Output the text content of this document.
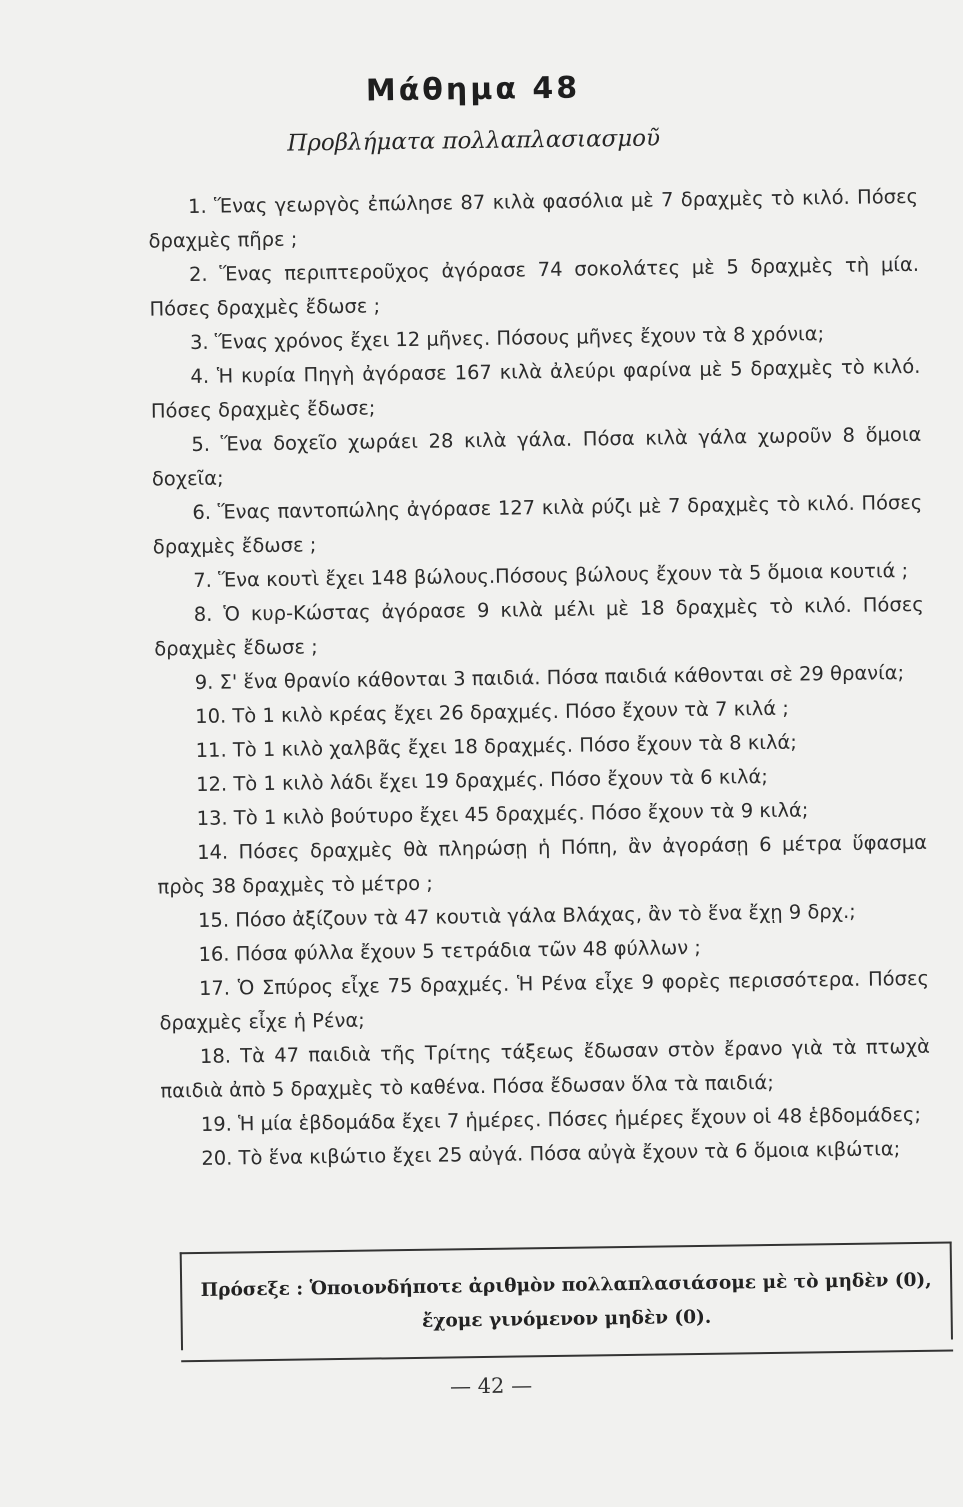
Μάθημα 48
Προβλήματα πολλαπλασιασμοῦ

1. Ἕνας γεωργὸς ἐπώλησε 87 κιλὰ φασόλια μὲ 7 δραχμὲς τὸ κιλό. Πόσες δραχμὲς πῆρε ;

2. Ἕνας περιπτεροῦχος ἀγόρασε 74 σοκολάτες μὲ 5 δραχμὲς τὴ μία. Πόσες δραχμὲς ἔδωσε ;

3. Ἕνας χρόνος ἔχει 12 μῆνες. Πόσους μῆνες ἔχουν τὰ 8 χρόνια;

4. Ἡ κυρία Πηγὴ ἀγόρασε 167 κιλὰ ἀλεύρι φαρίνα μὲ 5 δραχμὲς τὸ κιλό. Πόσες δραχμὲς ἔδωσε;

5. Ἕνα δοχεῖο χωράει 28 κιλὰ γάλα. Πόσα κιλὰ γάλα χωροῦν 8 ὅμοια δοχεῖα;

6. Ἕνας παντοπώλης ἀγόρασε 127 κιλὰ ρύζι μὲ 7 δραχμὲς τὸ κιλό. Πόσες δραχμὲς ἔδωσε ;

7. Ἕνα κουτὶ ἔχει 148 βώλους.Πόσους βώλους ἔχουν τὰ 5 ὅμοια κουτιά ;

8. Ὁ κυρ-Κώστας ἀγόρασε 9 κιλὰ μέλι μὲ 18 δραχμὲς τὸ κιλό. Πόσες δραχμὲς ἔδωσε ;

9. Σ' ἕνα θρανίο κάθονται 3 παιδιά. Πόσα παιδιά κάθονται σὲ 29 θρανία;

10. Τὸ 1 κιλὸ κρέας ἔχει 26 δραχμές. Πόσο ἔχουν τὰ 7 κιλά ;

11. Τὸ 1 κιλὸ χαλβᾶς ἔχει 18 δραχμές. Πόσο ἔχουν τὰ 8 κιλά;

12. Τὸ 1 κιλὸ λάδι ἔχει 19 δραχμές. Πόσο ἔχουν τὰ 6 κιλά;

13. Τὸ 1 κιλὸ βούτυρο ἔχει 45 δραχμές. Πόσο ἔχουν τὰ 9 κιλά;

14. Πόσες δραχμὲς θὰ πληρώσῃ ἡ Πόπη, ἂν ἀγοράσῃ 6 μέτρα ὕφασμα πρὸς 38 δραχμὲς τὸ μέτρο ;

15. Πόσο ἀξίζουν τὰ 47 κουτιὰ γάλα Βλάχας, ἂν τὸ ἕνα ἔχῃ 9 δρχ.;

16. Πόσα φύλλα ἔχουν 5 τετράδια τῶν 48 φύλλων ;

17. Ὁ Σπύρος εἶχε 75 δραχμές. Ἡ Ρένα εἶχε 9 φορὲς περισσότερα. Πόσες δραχμὲς εἶχε ἡ Ρένα;

18. Τὰ 47 παιδιὰ τῆς Τρίτης τάξεως ἔδωσαν στὸν ἔρανο γιὰ τὰ πτωχὰ παιδιὰ ἀπὸ 5 δραχμὲς τὸ καθένα. Πόσα ἔδωσαν ὅλα τὰ παιδιά;

19. Ἡ μία ἑβδομάδα ἔχει 7 ἡμέρες. Πόσες ἡμέρες ἔχουν οἱ 48 ἑβδομάδες;

20. Τὸ ἕνα κιβώτιο ἔχει 25 αὐγά. Πόσα αὐγὰ ἔχουν τὰ 6 ὅμοια κιβώτια;

Πρόσεξε : Ὁποιονδήποτε ἀριθμὸν πολλαπλασιάσομε μὲ τὸ μηδὲν (0), ἔχομε γινόμενον μηδὲν (0).
— 42 —
